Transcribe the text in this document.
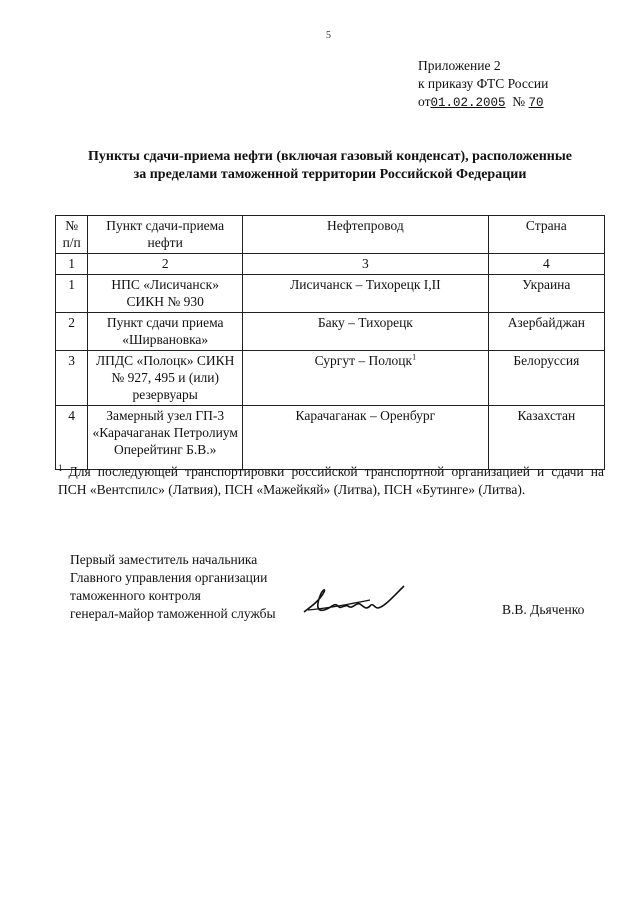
5
Приложение 2
к приказу ФТС России
от01.02.2005 № 70
Пункты сдачи-приема нефти (включая газовый конденсат), расположенные
за пределами таможенной территории Российской Федерации
№ п/п	Пункт сдачи-приема нефти	Нефтепровод	Страна
1	2	3	4
1	НПС «Лисичанск» СИКН № 930	Лисичанск – Тихорецк I,II	Украина
2	Пункт сдачи приема «Ширвановка»	Баку – Тихорецк	Азербайджан
3	ЛПДС «Полоцк» СИКН № 927, 495 и (или) резервуары	Сургут – Полоцк$^1$	Белоруссия
4	Замерный узел ГП-3 «Карачаганак Петролиум Оперейтинг Б.В.»	Карачаганак – Оренбург	Казахстан
$^1$ Для последующей транспортировки российской транспортной организацией и сдачи на ПСН «Вентспилс» (Латвия), ПСН «Мажейкяй» (Литва), ПСН «Бутинге» (Литва).
Первый заместитель начальника
Главного управления организации
таможенного контроля
генерал-майор таможенной службы	В.В. Дьяченко
